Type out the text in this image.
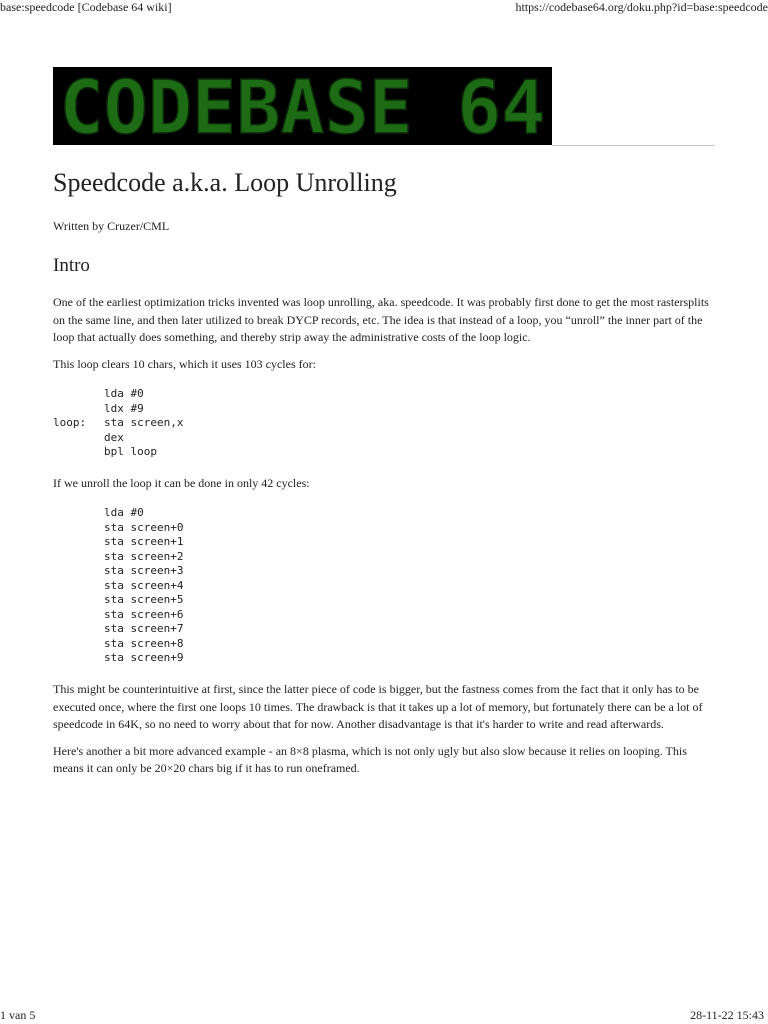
base:speedcode [Codebase 64 wiki]	https://codebase64.org/doku.php?id=base:speedcode
CODEBASE 64
Speedcode a.k.a. Loop Unrolling

Written by Cruzer/CML

Intro

One of the earliest optimization tricks invented was loop unrolling, aka. speedcode. It was probably first done to get the most rastersplits on the same line, and then later utilized to break DYCP records, etc. The idea is that instead of a loop, you “unroll” the inner part of the loop that actually does something, and thereby strip away the administrative costs of the loop logic.

This loop clears 10 chars, which it uses 103 cycles for:

lda #0
ldx #9
loop: sta screen,x
dex
bpl loop

If we unroll the loop it can be done in only 42 cycles:

lda #0
sta screen+0
sta screen+1
sta screen+2
sta screen+3
sta screen+4
sta screen+5
sta screen+6
sta screen+7
sta screen+8
sta screen+9

This might be counterintuitive at first, since the latter piece of code is bigger, but the fastness comes from the fact that it only has to be executed once, where the first one loops 10 times. The drawback is that it takes up a lot of memory, but fortunately there can be a lot of speedcode in 64K, so no need to worry about that for now. Another disadvantage is that it's harder to write and read afterwards.

Here's another a bit more advanced example - an 8×8 plasma, which is not only ugly but also slow because it relies on looping. This means it can only be 20×20 chars big if it has to run oneframed.

1 van 5	28-11-22 15:43
